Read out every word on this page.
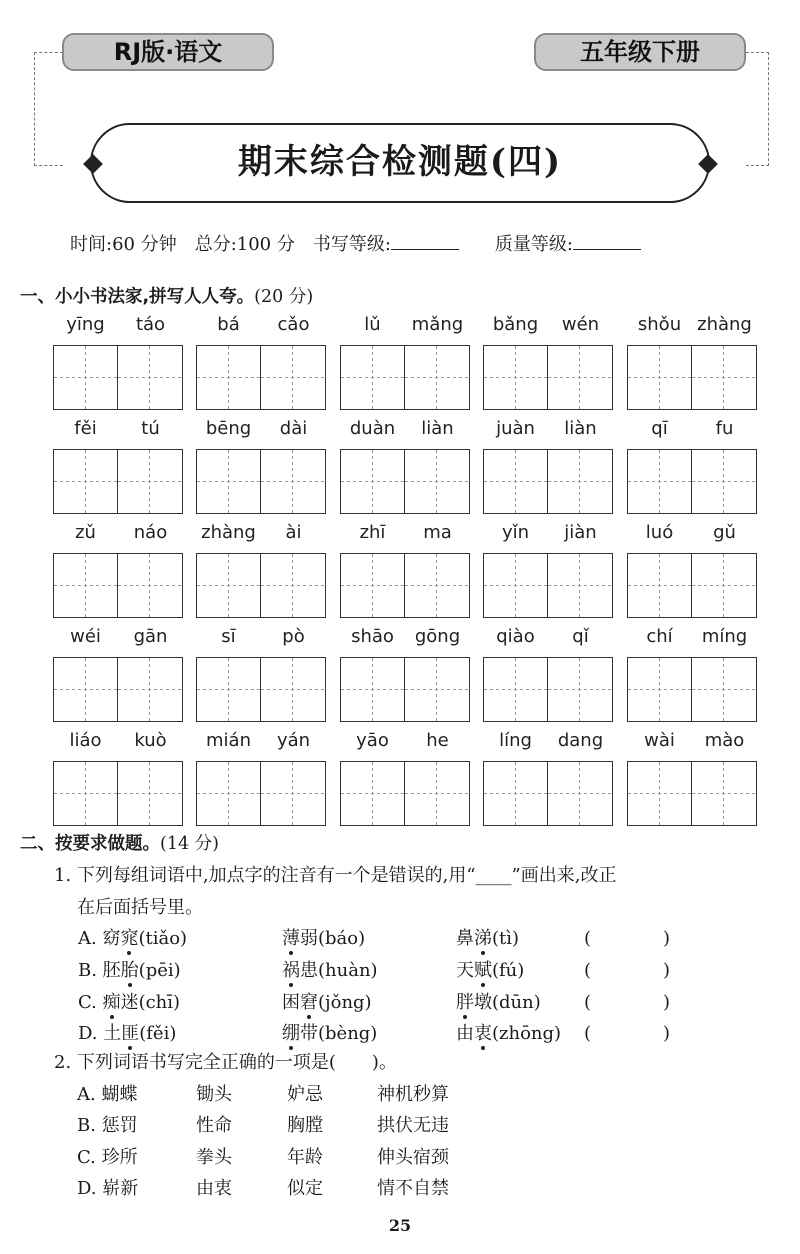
RJ版·语文	五年级下册
期末综合检测题(四)
时间:60 分钟　总分:100 分　书写等级:　　	质量等级:
一、小小书法家,拼写人人夸。(20 分)
yīng	táo	bá	cǎo	lǔ	mǎng	bǎng	wén	shǒu zhàng
fěi	tú	bēng	dài	duàn	liàn	juàn	liàn	qī	fu
zǔ	náo	zhàng	ài	zhī	ma	yǐn	jiàn	luó	gǔ
wéi	gān	sī	pò	shāo	gōng	qiào	qǐ	chí	míng
liáo	kuò	mián	yán	yāo	he	líng	dang	wài	mào
二、按要求做题。(14 分)
1. 下列每组词语中,加点字的注音有一个是错误的,用“____”画出来,改正
在后面括号里。
A. 窈窕(tiǎo)	薄弱(báo)	鼻涕(tì)	(　　　　)
B. 胚胎(pēi)	祸患(huàn)	天赋(fú)	(　　　　)
C. 痴迷(chī)	困窘(jǒng)	胖墩(dūn) (　　　　)
D. 土匪(fěi)	绷带(bèng)	由衷(zhōng) (　　　　)
2. 下列词语书写完全正确的一项是(　　)。
A. 蝴蝶	锄头	妒忌	神机秒算
B. 惩罚	性命	胸膛	拱伏无违
C. 珍所	拳头	年龄	伸头宿颈
D. 崭新	由衷	似定	情不自禁
25
